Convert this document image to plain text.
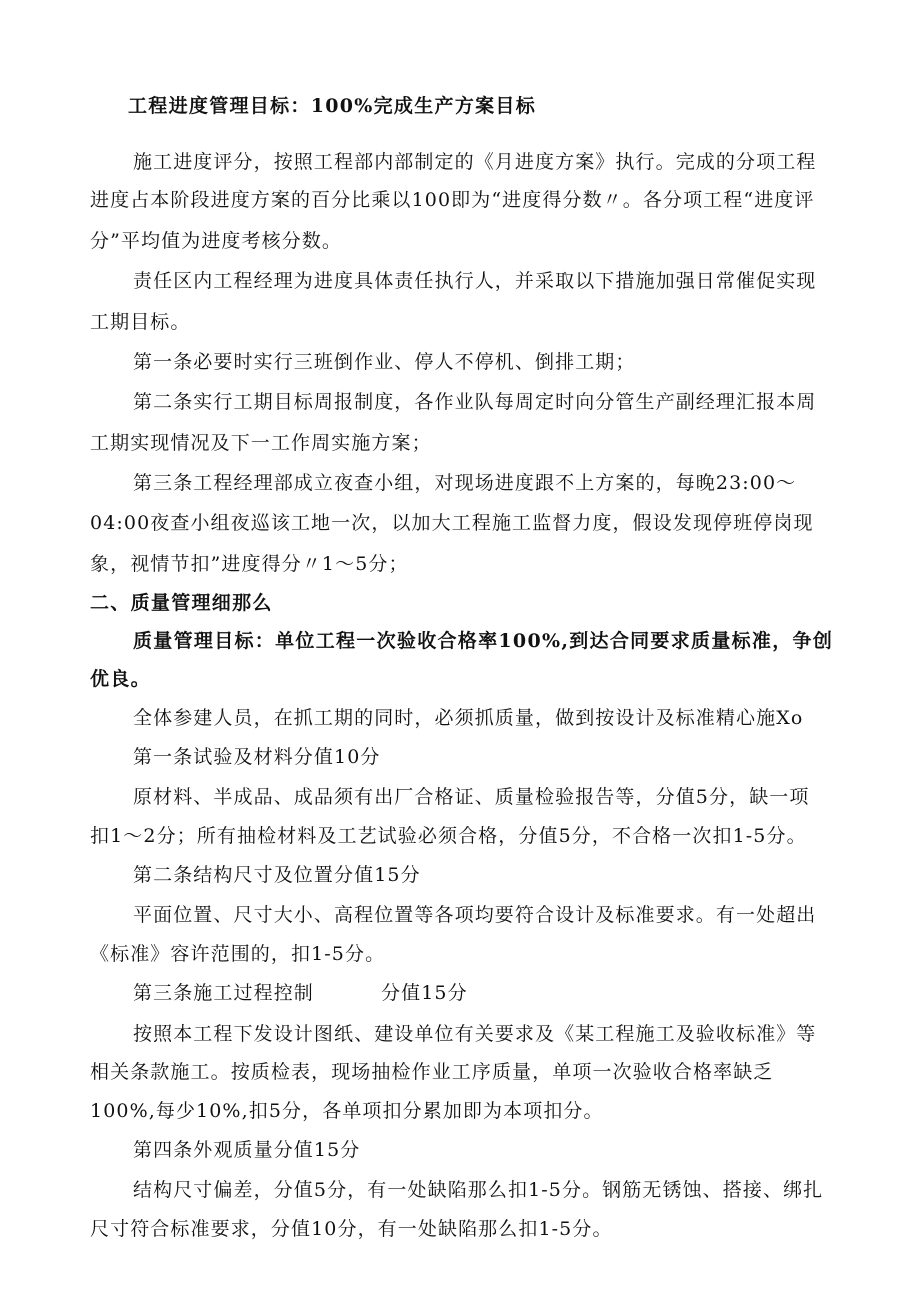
工程进度管理目标：100%完成生产方案目标
施工进度评分，按照工程部内部制定的《月进度方案》执行。完成的分项工程
进度占本阶段进度方案的百分比乘以100即为“进度得分数〃。各分项工程“进度评
分”平均值为进度考核分数。
责任区内工程经理为进度具体责任执行人，并采取以下措施加强日常催促实现
工期目标。
第一条必要时实行三班倒作业、停人不停机、倒排工期；
第二条实行工期目标周报制度，各作业队每周定时向分管生产副经理汇报本周
工期实现情况及下一工作周实施方案；
第三条工程经理部成立夜查小组，对现场进度跟不上方案的，每晚23:00～
04:00夜查小组夜巡该工地一次，以加大工程施工监督力度，假设发现停班停岗现
象，视情节扣”进度得分〃1～5分；
二、质量管理细那么
质量管理目标：单位工程一次验收合格率100%,到达合同要求质量标准，争创
优良。
全体参建人员，在抓工期的同时，必须抓质量，做到按设计及标准精心施Xo
第一条试验及材料分值10分
原材料、半成品、成品须有出厂合格证、质量检验报告等，分值5分，缺一项
扣1～2分；所有抽检材料及工艺试验必须合格，分值5分，不合格一次扣1-5分。
第二条结构尺寸及位置分值15分
平面位置、尺寸大小、高程位置等各项均要符合设计及标准要求。有一处超出
《标准》容许范围的，扣1-5分。
第三条施工过程控制	分值15分
按照本工程下发设计图纸、建设单位有关要求及《某工程施工及验收标准》等
相关条款施工。按质检表，现场抽检作业工序质量，单项一次验收合格率缺乏
100%,每少10%,扣5分，各单项扣分累加即为本项扣分。
第四条外观质量分值15分
结构尺寸偏差，分值5分，有一处缺陷那么扣1-5分。钢筋无锈蚀、搭接、绑扎
尺寸符合标准要求，分值10分，有一处缺陷那么扣1-5分。
